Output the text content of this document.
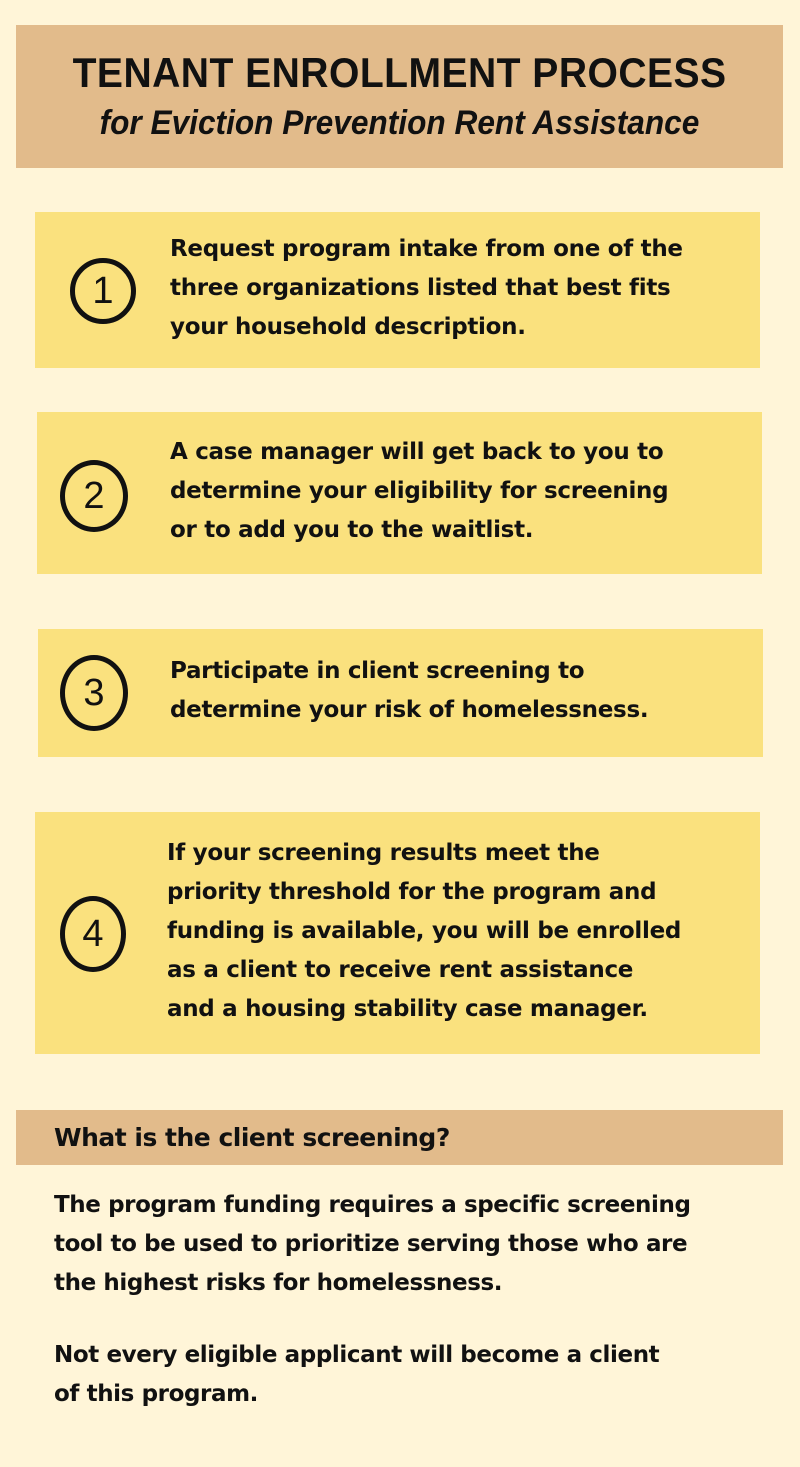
TENANT ENROLLMENT PROCESS
for Eviction Prevention Rent Assistance
1
Request program intake from one of the
three organizations listed that best fits
your household description.
2
A case manager will get back to you to
determine your eligibility for screening
or to add you to the waitlist.
3
Participate in client screening to
determine your risk of homelessness.
4
If your screening results meet the
priority threshold for the program and
funding is available, you will be enrolled
as a client to receive rent assistance
and a housing stability case manager.
What is the client screening?
The program funding requires a specific screening
tool to be used to prioritize serving those who are
the highest risks for homelessness.
Not every eligible applicant will become a client
of this program.
